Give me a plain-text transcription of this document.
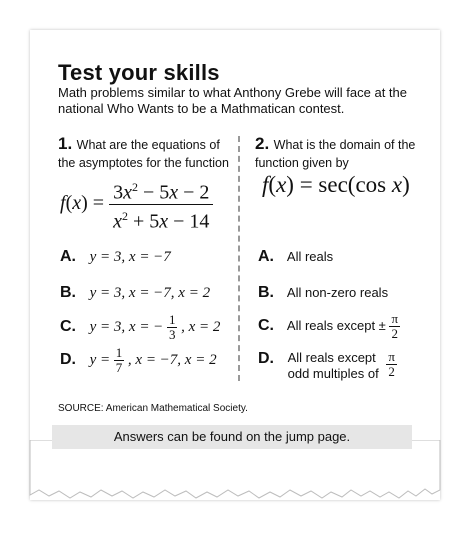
Test your skills
Math problems similar to what Anthony Grebe will face at the national Who Wants to be a Mathmatican contest.
1. What are the equations of the asymptotes for the function
$f(x) = \frac{3x^2 - 5x - 2}{x^2 + 5x - 14}$
A. y = 3, x = −7
B. y = 3, x = −7, x = 2
C. y = 3, x = − $\frac{1}{3}$ , x = 2
D. $y = \frac{1}{7}$ , x = −7, x = 2
2. What is the domain of the function given by
f(x) = sec(cos x)
A. All reals
B. All non-zero reals
C. All reals except ± $\frac{\pi}{2}$
D. All reals except
odd multiples of $\frac{\pi}{2}$
SOURCE: American Mathematical Society.
Answers can be found on the jump page.
